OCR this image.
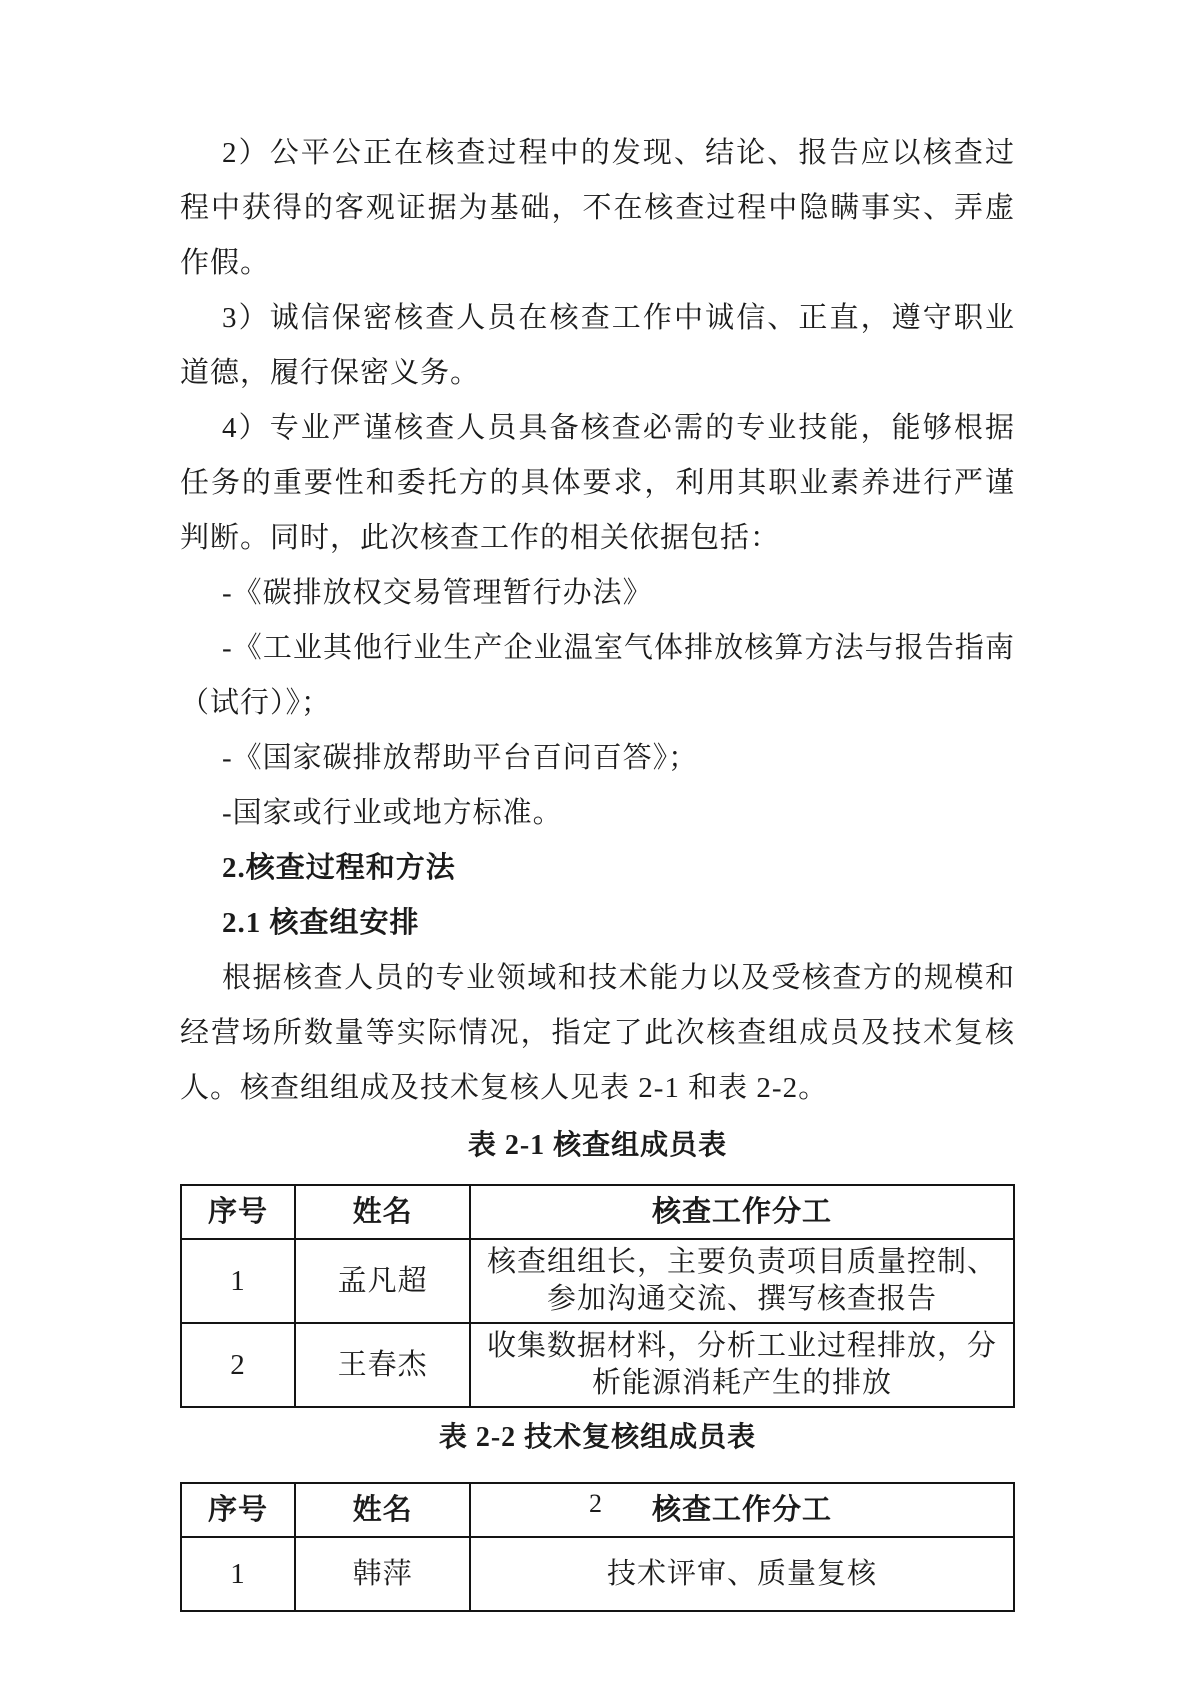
2）公平公正在核查过程中的发现、结论、报告应以核查过程中获得的客观证据为基础，不在核查过程中隐瞒事实、弄虚作假。

3）诚信保密核查人员在核查工作中诚信、正直，遵守职业道德，履行保密义务。

4）专业严谨核查人员具备核查必需的专业技能，能够根据任务的重要性和委托方的具体要求，利用其职业素养进行严谨判断。同时，此次核查工作的相关依据包括：

-《碳排放权交易管理暂行办法》

-《工业其他行业生产企业温室气体排放核算方法与报告指南（试行）》；

-《国家碳排放帮助平台百问百答》；

-国家或行业或地方标准。

2.核查过程和方法
2.1 核查组安排

根据核查人员的专业领域和技术能力以及受核查方的规模和经营场所数量等实际情况，指定了此次核查组成员及技术复核人。核查组组成及技术复核人见表 2-1 和表 2-2。

表 2-1 核查组成员表

序号	姓名	核查工作分工
1	孟凡超	核查组组长，主要负责项目质量控制、参加沟通交流、撰写核查报告
2	王春杰	收集数据材料，分析工业过程排放，分析能源消耗产生的排放

表 2-2 技术复核组成员表

序号	姓名	核查工作分工
1	韩萍	技术评审、质量复核
2
